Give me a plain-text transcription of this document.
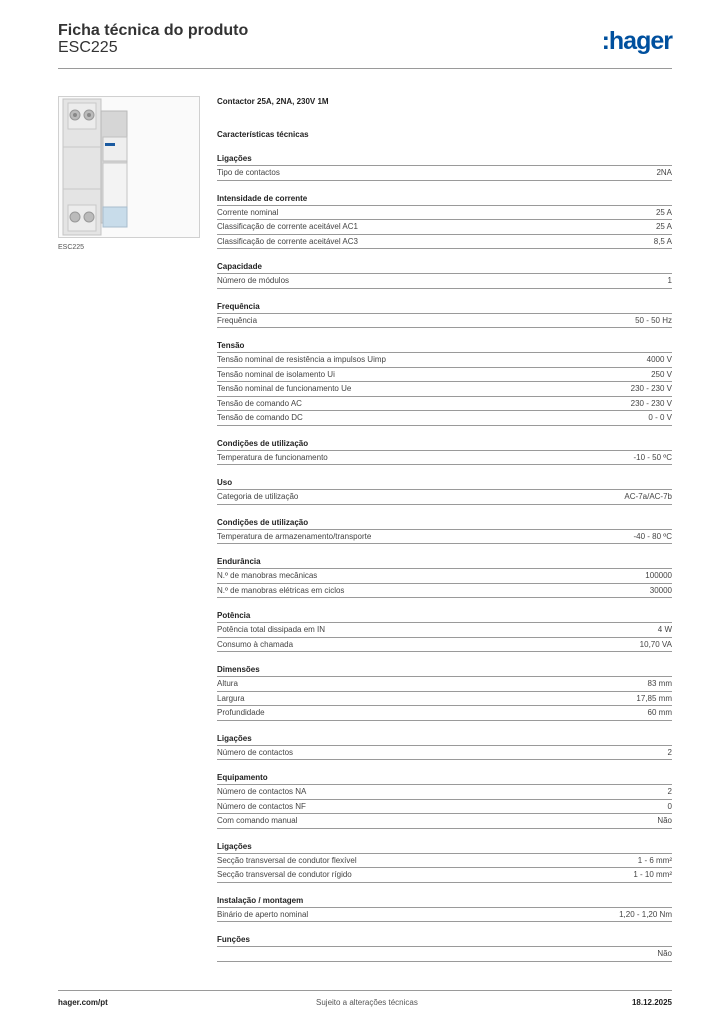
Ficha técnica do produto
ESC225	:hager
ESC225
Contactor 25A, 2NA, 230V 1M
Características técnicas
Ligações
Tipo de contactos	2NA
Intensidade de corrente
Corrente nominal	25 A
Classificação de corrente aceitável AC1	25 A
Classificação de corrente aceitável AC3	8,5 A
Capacidade
Número de módulos	1
Frequência
Frequência	50 - 50 Hz
Tensão
Tensão nominal de resistência a impulsos Uimp	4000 V
Tensão nominal de isolamento Ui	250 V
Tensão nominal de funcionamento Ue	230 - 230 V
Tensão de comando AC	230 - 230 V
Tensão de comando DC	0 - 0 V
Condições de utilização
Temperatura de funcionamento	-10 - 50 ºC
Uso
Categoria de utilização	AC-7a/AC-7b
Condições de utilização
Temperatura de armazenamento/transporte	-40 - 80 ºC
Endurância
N.º de manobras mecânicas	100000
N.º de manobras elétricas em ciclos	30000
Potência
Potência total dissipada em IN	4 W
Consumo à chamada	10,70 VA
Dimensões
Altura	83 mm
Largura	17,85 mm
Profundidade	60 mm
Ligações
Número de contactos	2
Equipamento
Número de contactos NA	2
Número de contactos NF	0
Com comando manual	Não
Ligações
Secção transversal de condutor flexível	1 - 6 mm²
Secção transversal de condutor rígido	1 - 10 mm²
Instalação / montagem
Binário de aperto nominal	1,20 - 1,20 Nm
Funções
Não
hager.com/pt	Sujeito a alterações técnicas	18.12.2025
